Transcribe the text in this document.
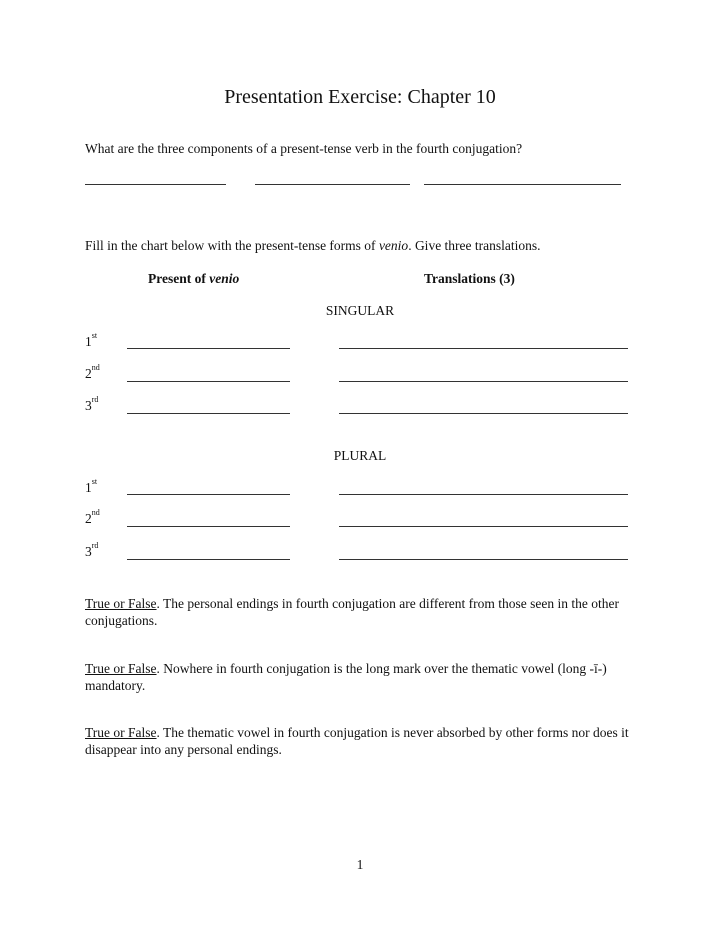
Presentation Exercise: Chapter 10
What are the three components of a present-tense verb in the fourth conjugation?
Fill in the chart below with the present-tense forms of venio. Give three translations.
Present of venio	Translations (3)
SINGULAR
1st
2nd
3rd
PLURAL
1st
2nd
3rd
True or False. The personal endings in fourth conjugation are different from those seen in the other conjugations.
True or False. Nowhere in fourth conjugation is the long mark over the thematic vowel (long -ī-) mandatory.
True or False. The thematic vowel in fourth conjugation is never absorbed by other forms nor does it disappear into any personal endings.
1
